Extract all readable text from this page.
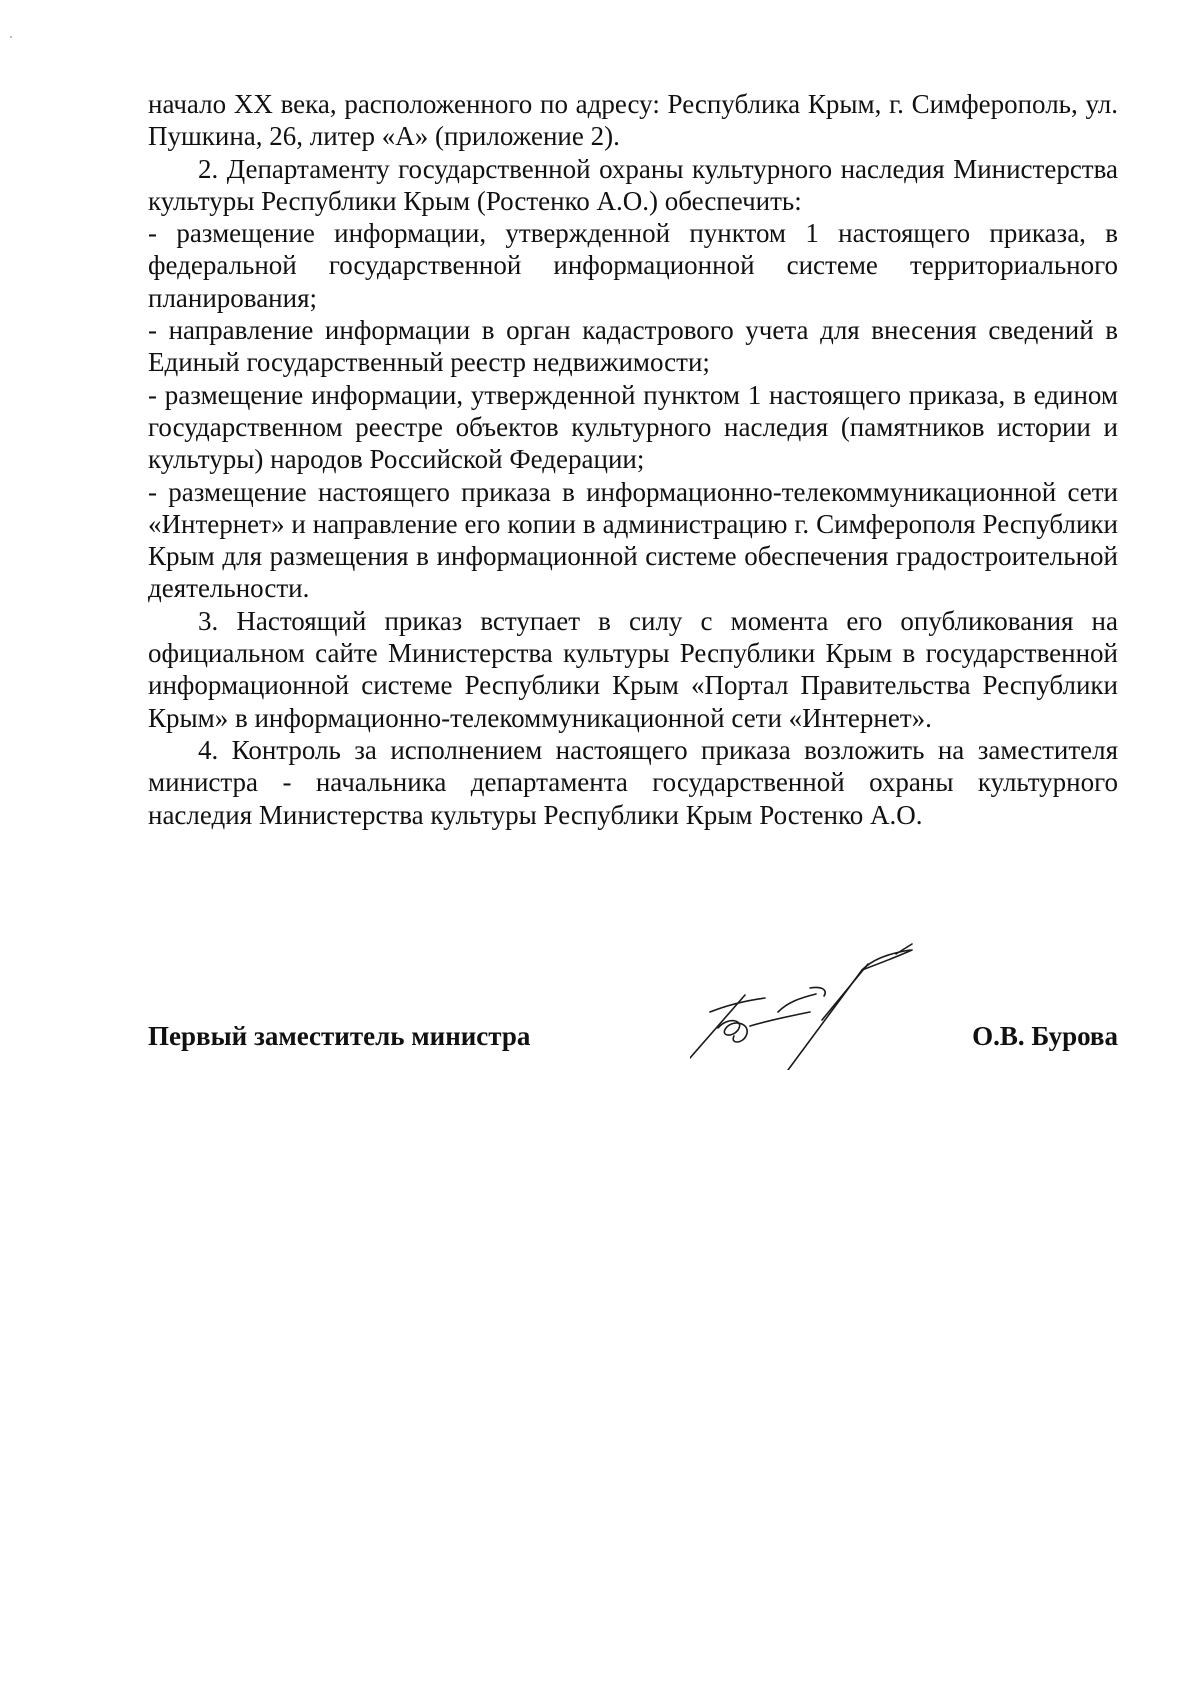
начало XX века, расположенного по адресу: Республика Крым, г. Симферополь, ул. Пушкина, 26, литер «А» (приложение 2).

2. Департаменту государственной охраны культурного наследия Министерства культуры Республики Крым (Ростенко А.О.) обеспечить:

- размещение информации, утвержденной пунктом 1 настоящего приказа, в федеральной государственной информационной системе территориального планирования;

- направление информации в орган кадастрового учета для внесения сведений в Единый государственный реестр недвижимости;

- размещение информации, утвержденной пунктом 1 настоящего приказа, в едином государственном реестре объектов культурного наследия (памятников истории и культуры) народов Российской Федерации;

- размещение настоящего приказа в информационно-телекоммуникационной сети «Интернет» и направление его копии в администрацию г. Симферополя Республики Крым для размещения в информационной системе обеспечения градостроительной деятельности.

3. Настоящий приказ вступает в силу с момента его опубликования на официальном сайте Министерства культуры Республики Крым в государственной информационной системе Республики Крым «Портал Правительства Республики Крым» в информационно-телекоммуникационной сети «Интернет».

4. Контроль за исполнением настоящего приказа возложить на заместителя министра - начальника департамента государственной охраны культурного наследия Министерства культуры Республики Крым Ростенко А.О.

Первый заместитель министра	О.В. Бурова
